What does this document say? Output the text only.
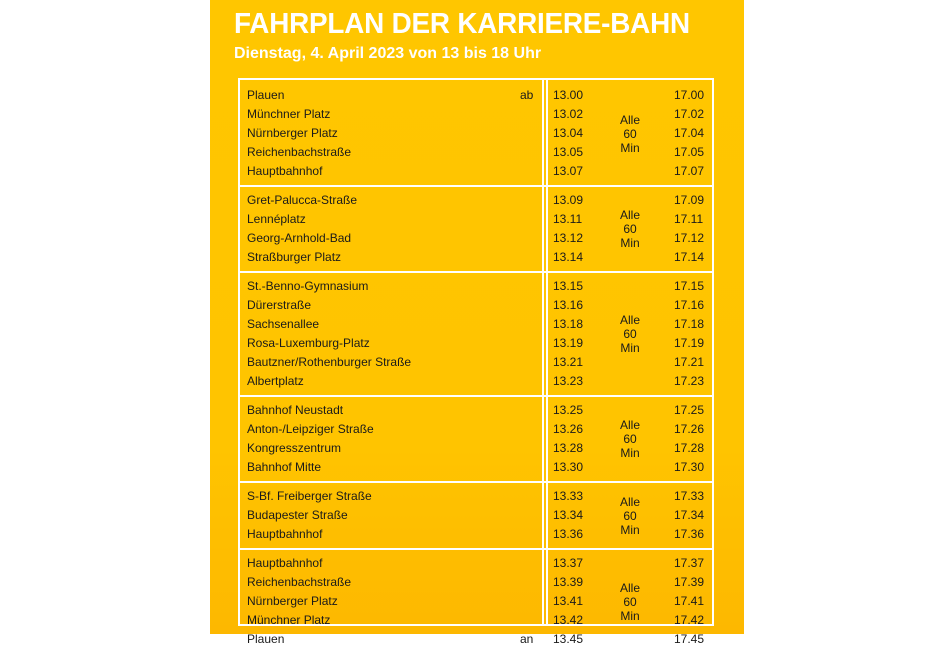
FAHRPLAN DER KARRIERE-BAHN

Dienstag, 4. April 2023 von 13 bis 18 Uhr

Plauen	ab 13.00	17.00
Münchner Platz	13.02	17.02
Nürnberger Platz	13.04	17.04
Reichenbachstraße	13.05	17.05
Hauptbahnhof	13.07	17.07
Alle
60
Min
Gret-Palucca-Straße	13.09	17.09
Lennéplatz	13.11	17.11
Georg-Arnhold-Bad	13.12	17.12
Straßburger Platz	13.14	17.14
Alle
60
Min
St.-Benno-Gymnasium	13.15	17.15
Dürerstraße	13.16	17.16
Sachsenallee	13.18	17.18
Rosa-Luxemburg-Platz	13.19	17.19
Bautzner/Rothenburger Straße	13.21	17.21
Albertplatz	13.23	17.23
Alle
60
Min
Bahnhof Neustadt	13.25	17.25
Anton-/Leipziger Straße	13.26	17.26
Kongresszentrum	13.28	17.28
Bahnhof Mitte	13.30	17.30
Alle
60
Min
S-Bf. Freiberger Straße	13.33	17.33
Budapester Straße	13.34	17.34
Hauptbahnhof	13.36	17.36
Alle
60
Min
Hauptbahnhof	13.37	17.37
Reichenbachstraße	13.39	17.39
Nürnberger Platz	13.41	17.41
Münchner Platz	13.42	17.42
Plauen	an 13.45	17.45
Alle
60
Min
